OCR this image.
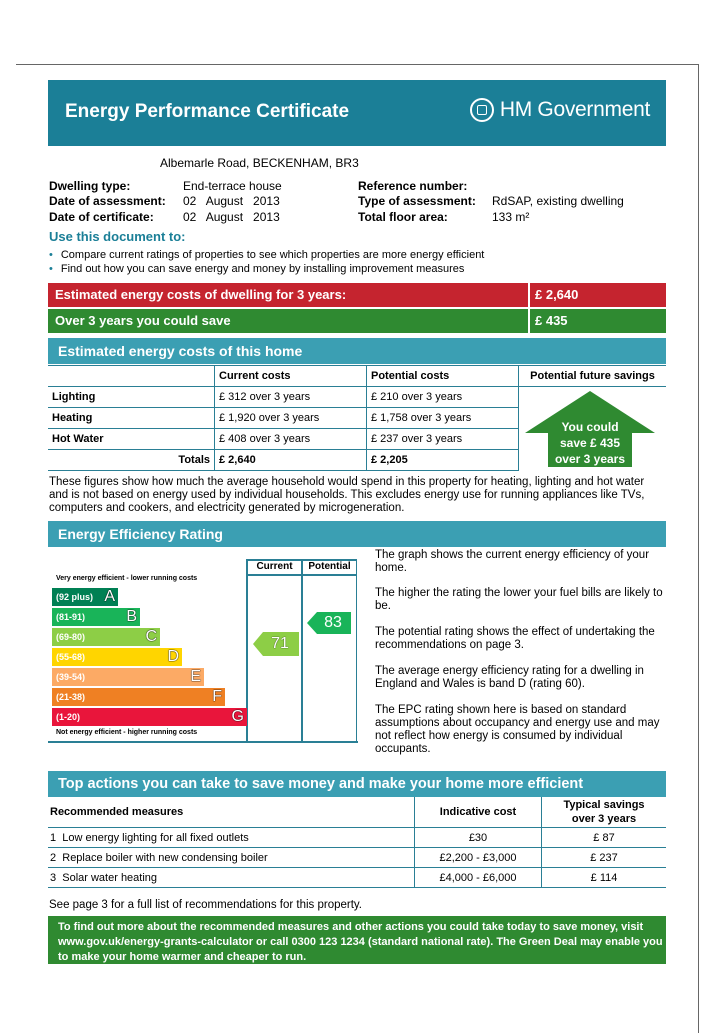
Energy Performance Certificate	HM Government
Albemarle Road, BECKENHAM, BR3
Dwelling type:	End-terrace house
Date of assessment: 02   August   2013
Date of certificate: 02   August   2013
Reference number:
Type of assessment: RdSAP, existing dwelling
Total floor area:	133 m²
Use this document to:
• Compare current ratings of properties to see which properties are more energy efficient
• Find out how you can save energy and money by installing improvement measures
Estimated energy costs of dwelling for 3 years:	£ 2,640
Over 3 years you could save	£ 435
Estimated energy costs of this home
	Current costs	Potential costs	Potential future savings
Lighting	£ 312 over 3 years	£ 210 over 3 years	
Heating	£ 1,920 over 3 years	£ 1,758 over 3 years	
Hot Water	£ 408 over 3 years	£ 237 over 3 years	
Totals	£ 2,640	£ 2,205	
You could
save £ 435
over 3 years
These figures show how much the average household would spend in this property for heating, lighting and hot water and is not based on energy used by individual households. This excludes energy use for running appliances like TVs, computers and cookers, and electricity generated by microgeneration.
Energy Efficiency Rating
Current	Potential
Very energy efficient - lower running costs
Not energy efficient - higher running costs
(92 plus) A
(81-91)	B
(69-80)	C
(55-68)	D
(39-54)	E
(21-38)	F
(1-20)	G
71
83
The graph shows the current energy efficiency of your home.
The higher the rating the lower your fuel bills are likely to be.
The potential rating shows the effect of undertaking the recommendations on page 3.
The average energy efficiency rating for a dwelling in England and Wales is band D (rating 60).
The EPC rating shown here is based on standard assumptions about occupancy and energy use and may not reflect how energy is consumed by individual occupants.
Top actions you can take to save money and make your home more efficient
Recommended measures	Indicative cost	Typical savings
over 3 years

1 Low energy lighting for all fixed outlets	£30	£ 87
2 Replace boiler with new condensing boiler	£2,200 - £3,000	£ 237
3 Solar water heating	£4,000 - £6,000	£ 114
See page 3 for a full list of recommendations for this property.
To find out more about the recommended measures and other actions you could take today to save money, visit www.gov.uk/energy-grants-calculator or call 0300 123 1234 (standard national rate). The Green Deal may enable you to make your home warmer and cheaper to run.
